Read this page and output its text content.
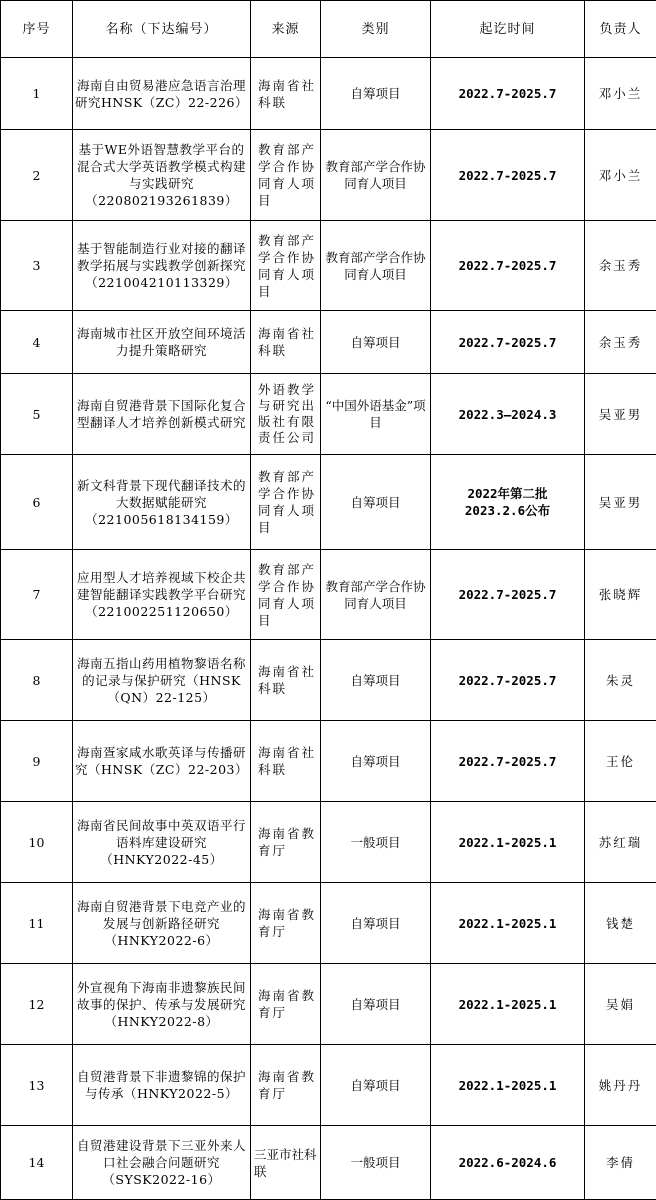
序号	名称（下达编号）	来源	类别	起讫时间	负责人
1	海南自由贸易港应急语言治理研究HNSK（ZC）22-226）	海南省社科联	自筹项目	2022.7-2025.7	邓小兰
2	基于WE外语智慧教学平台的混合式大学英语教学模式构建与实践研究（220802193261839）	教育部产学合作协同育人项目	教育部产学合作协同育人项目	2022.7-2025.7	邓小兰
3	基于智能制造行业对接的翻译教学拓展与实践教学创新探究（221004210113329）	教育部产学合作协同育人项目	教育部产学合作协同育人项目	2022.7-2025.7	余玉秀
4	海南城市社区开放空间环境活力提升策略研究	海南省社科联	自筹项目	2022.7-2025.7	余玉秀
5	海南自贸港背景下国际化复合型翻译人才培养创新模式研究	外语教学与研究出版社有限责任公司	“中国外语基金”项目	2022.3—2024.3	吴亚男
6	新文科背景下现代翻译技术的大数据赋能研究（221005618134159）	教育部产学合作协同育人项目	自筹项目	2022年第二批2023.2.6公布	吴亚男
7	应用型人才培养视域下校企共建智能翻译实践教学平台研究（221002251120650）	教育部产学合作协同育人项目	教育部产学合作协同育人项目	2022.7-2025.7	张晓辉
8	海南五指山药用植物黎语名称的记录与保护研究（HNSK（QN）22-125）	海南省社科联	自筹项目	2022.7-2025.7	朱灵
9	海南疍家咸水歌英译与传播研究（HNSK（ZC）22-203）	海南省社科联	自筹项目	2022.7-2025.7	王伦
10	海南省民间故事中英双语平行语料库建设研究（HNKY2022-45）	海南省教育厅	一般项目	2022.1-2025.1	苏红瑞
11	海南自贸港背景下电竞产业的发展与创新路径研究（HNKY2022-6）	海南省教育厅	自筹项目	2022.1-2025.1	钱楚
12	外宣视角下海南非遗黎族民间故事的保护、传承与发展研究（HNKY2022-8）	海南省教育厅	自筹项目	2022.1-2025.1	吴娟
13	自贸港背景下非遗黎锦的保护与传承（HNKY2022-5）	海南省教育厅	自筹项目	2022.1-2025.1	姚丹丹
14	自贸港建设背景下三亚外来人口社会融合问题研究（SYSK2022-16）	三亚市社科联	一般项目	2022.6-2024.6	李倩
